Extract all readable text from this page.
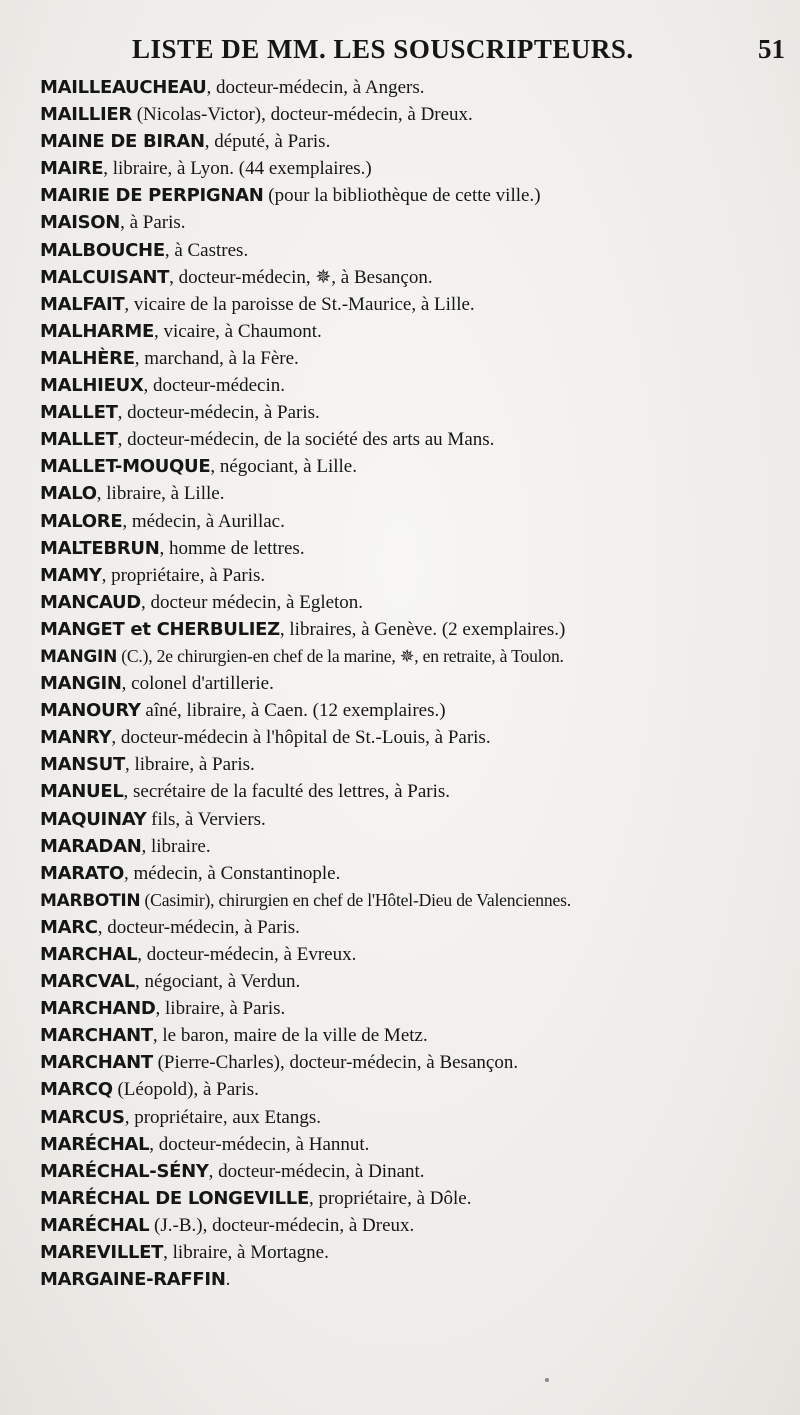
LISTE DE MM. LES SOUSCRIPTEURS.	51
MAILLEAUCHEAU, docteur-médecin, à Angers.
MAILLIER (Nicolas-Victor), docteur-médecin, à Dreux.
MAINE DE BIRAN, député, à Paris.
MAIRE, libraire, à Lyon. (44 exemplaires.)
MAIRIE DE PERPIGNAN (pour la bibliothèque de cette ville.)
MAISON, à Paris.
MALBOUCHE, à Castres.
MALCUISANT, docteur-médecin, ✵, à Besançon.
MALFAIT, vicaire de la paroisse de St.-Maurice, à Lille.
MALHARME, vicaire, à Chaumont.
MALHÈRE, marchand, à la Fère.
MALHIEUX, docteur-médecin.
MALLET, docteur-médecin, à Paris.
MALLET, docteur-médecin, de la société des arts au Mans.
MALLET-MOUQUE, négociant, à Lille.
MALO, libraire, à Lille.
MALORE, médecin, à Aurillac.
MALTEBRUN, homme de lettres.
MAMY, propriétaire, à Paris.
MANCAUD, docteur médecin, à Egleton.
MANGET et CHERBULIEZ, libraires, à Genève. (2 exemplaires.)
MANGIN (C.), 2e chirurgien-en chef de la marine, ✵, en retraite, à Toulon.
MANGIN, colonel d'artillerie.
MANOURY aîné, libraire, à Caen. (12 exemplaires.)
MANRY, docteur-médecin à l'hôpital de St.-Louis, à Paris.
MANSUT, libraire, à Paris.
MANUEL, secrétaire de la faculté des lettres, à Paris.
MAQUINAY fils, à Verviers.
MARADAN, libraire.
MARATO, médecin, à Constantinople.
MARBOTIN (Casimir), chirurgien en chef de l'Hôtel-Dieu de Valenciennes.
MARC, docteur-médecin, à Paris.
MARCHAL, docteur-médecin, à Evreux.
MARCVAL, négociant, à Verdun.
MARCHAND, libraire, à Paris.
MARCHANT, le baron, maire de la ville de Metz.
MARCHANT (Pierre-Charles), docteur-médecin, à Besançon.
MARCQ (Léopold), à Paris.
MARCUS, propriétaire, aux Etangs.
MARÉCHAL, docteur-médecin, à Hannut.
MARÉCHAL-SÉNY, docteur-médecin, à Dinant.
MARÉCHAL DE LONGEVILLE, propriétaire, à Dôle.
MARÉCHAL (J.-B.), docteur-médecin, à Dreux.
MAREVILLET, libraire, à Mortagne.
MARGAINE-RAFFIN.
